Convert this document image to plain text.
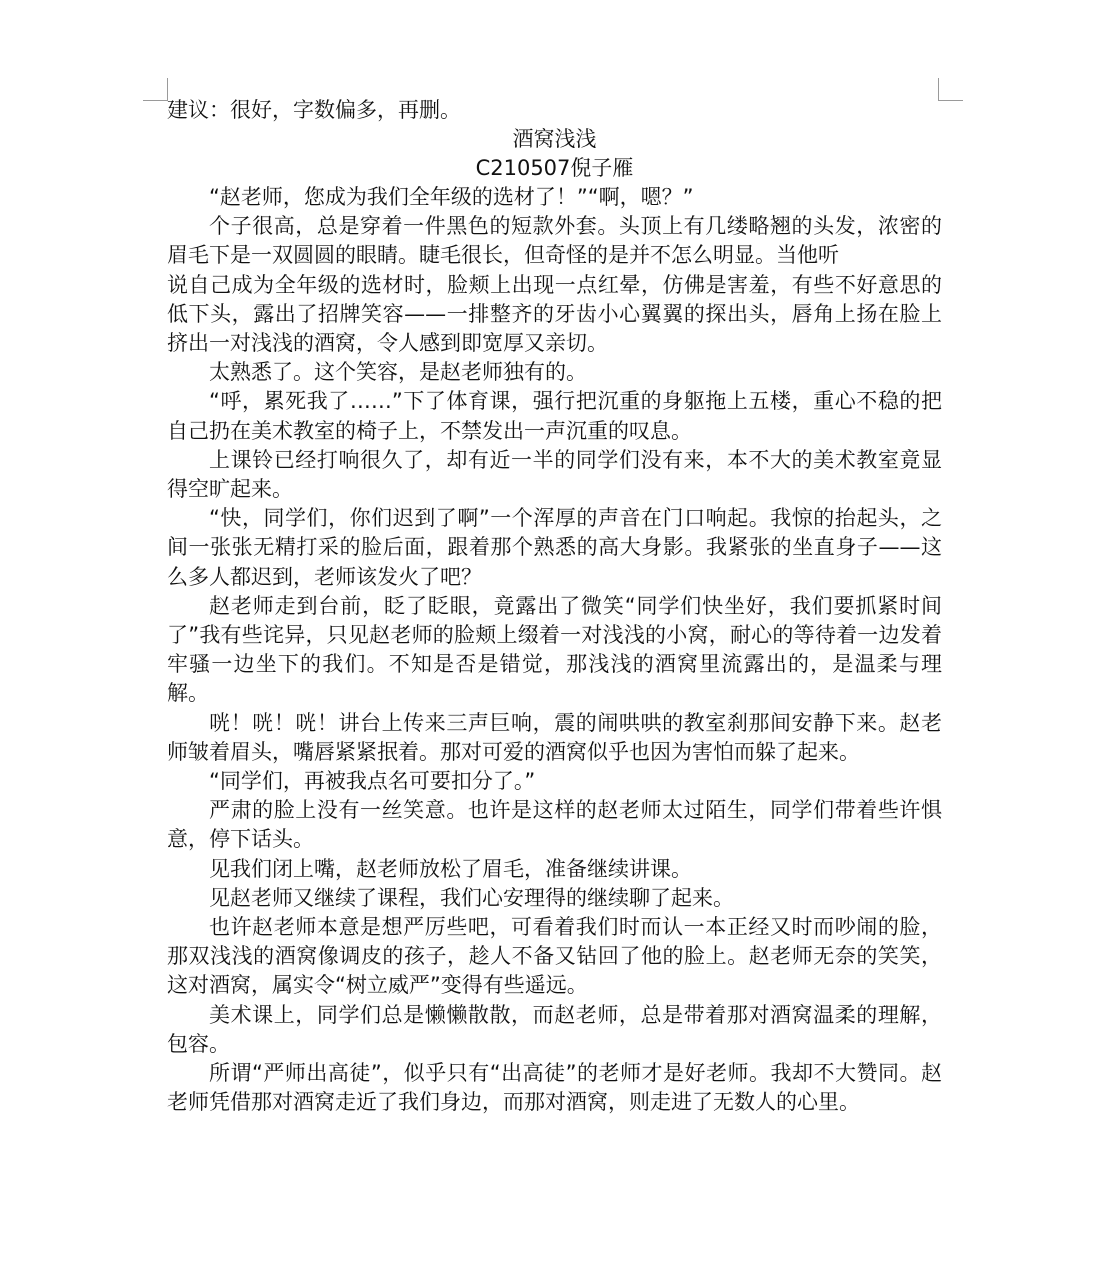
建议：很好，字数偏多，再删。
酒窝浅浅
C210507倪子雁

“赵老师，您成为我们全年级的选材了！”“啊，嗯？”

个子很高，总是穿着一件黑色的短款外套。头顶上有几缕略翘的头发，浓密的眉毛下是一双圆圆的眼睛。睫毛很长，但奇怪的是并不怎么明显。当他听

说自己成为全年级的选材时，脸颊上出现一点红晕，仿佛是害羞，有些不好意思的低下头，露出了招牌笑容——一排整齐的牙齿小心翼翼的探出头，唇角上扬在脸上挤出一对浅浅的酒窝，令人感到即宽厚又亲切。

太熟悉了。这个笑容，是赵老师独有的。

“呼，累死我了……”下了体育课，强行把沉重的身躯拖上五楼，重心不稳的把自己扔在美术教室的椅子上，不禁发出一声沉重的叹息。

上课铃已经打响很久了，却有近一半的同学们没有来，本不大的美术教室竟显得空旷起来。

“快，同学们，你们迟到了啊”一个浑厚的声音在门口响起。我惊的抬起头，之间一张张无精打采的脸后面，跟着那个熟悉的高大身影。我紧张的坐直身子——这么多人都迟到，老师该发火了吧？

赵老师走到台前，眨了眨眼，竟露出了微笑“同学们快坐好，我们要抓紧时间了”我有些诧异，只见赵老师的脸颊上缀着一对浅浅的小窝，耐心的等待着一边发着牢骚一边坐下的我们。不知是否是错觉，那浅浅的酒窝里流露出的，是温柔与理解。

咣！咣！咣！讲台上传来三声巨响，震的闹哄哄的教室刹那间安静下来。赵老师皱着眉头，嘴唇紧紧抿着。那对可爱的酒窝似乎也因为害怕而躲了起来。

“同学们，再被我点名可要扣分了。”

严肃的脸上没有一丝笑意。也许是这样的赵老师太过陌生，同学们带着些许惧意，停下话头。

见我们闭上嘴，赵老师放松了眉毛，准备继续讲课。

见赵老师又继续了课程，我们心安理得的继续聊了起来。

也许赵老师本意是想严厉些吧，可看着我们时而认一本正经又时而吵闹的脸，那双浅浅的酒窝像调皮的孩子，趁人不备又钻回了他的脸上。赵老师无奈的笑笑，这对酒窝，属实令“树立威严”变得有些遥远。

美术课上，同学们总是懒懒散散，而赵老师，总是带着那对酒窝温柔的理解，包容。

所谓“严师出高徒”，似乎只有“出高徒”的老师才是好老师。我却不大赞同。赵老师凭借那对酒窝走近了我们身边，而那对酒窝，则走进了无数人的心里。
